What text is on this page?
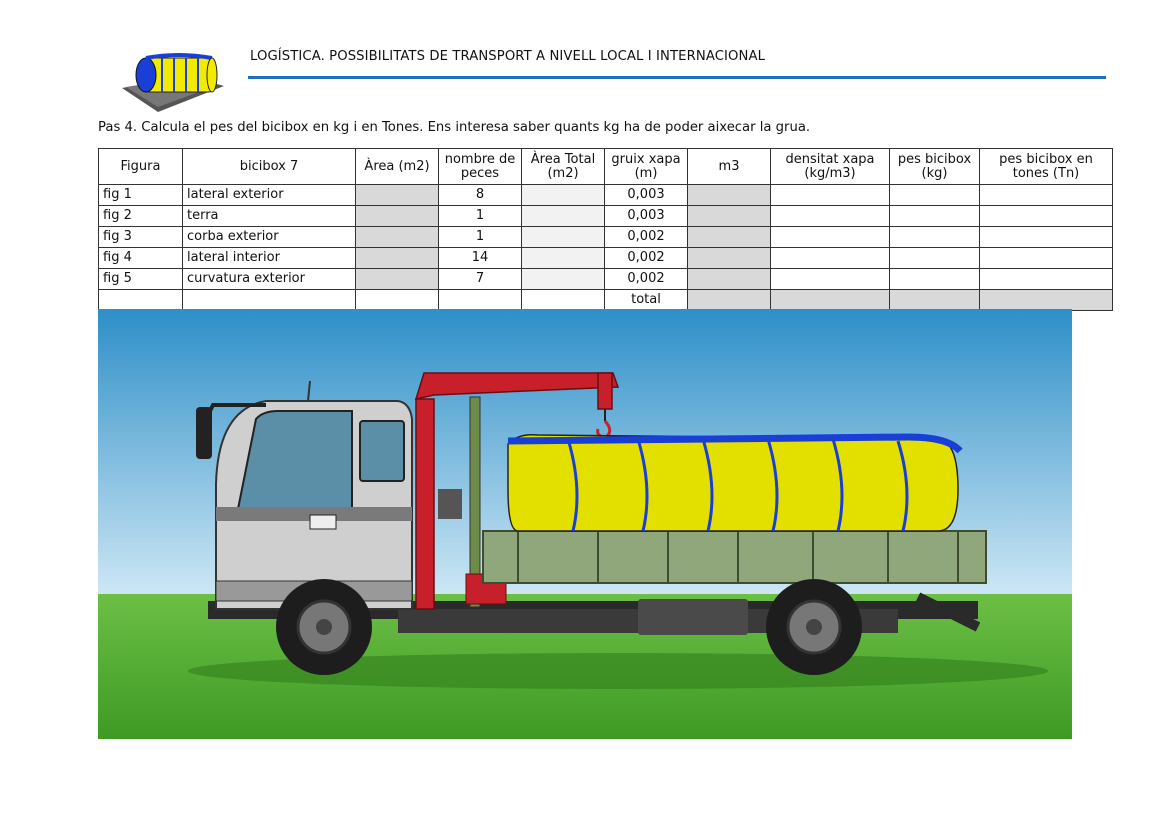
LOGÍSTICA. POSSIBILITATS DE TRANSPORT A NIVELL LOCAL I INTERNACIONAL
Pas 4. Calcula el pes del bicibox en kg i en Tones. Ens interesa saber quants kg ha de poder aixecar la grua.
Figura	bicibox 7	Àrea (m2)	nombre de peces	Àrea Total (m2)	gruix xapa (m)	m3	densitat xapa (kg/m3)	pes bicibox (kg)	pes bicibox en tones (Tn)
fig 1	lateral exterior		8		0,003				
fig 2	terra		1		0,003				
fig 3	corba exterior		1		0,002				
fig 4	lateral interior		14		0,002				
fig 5	curvatura exterior		7		0,002				
					total				
